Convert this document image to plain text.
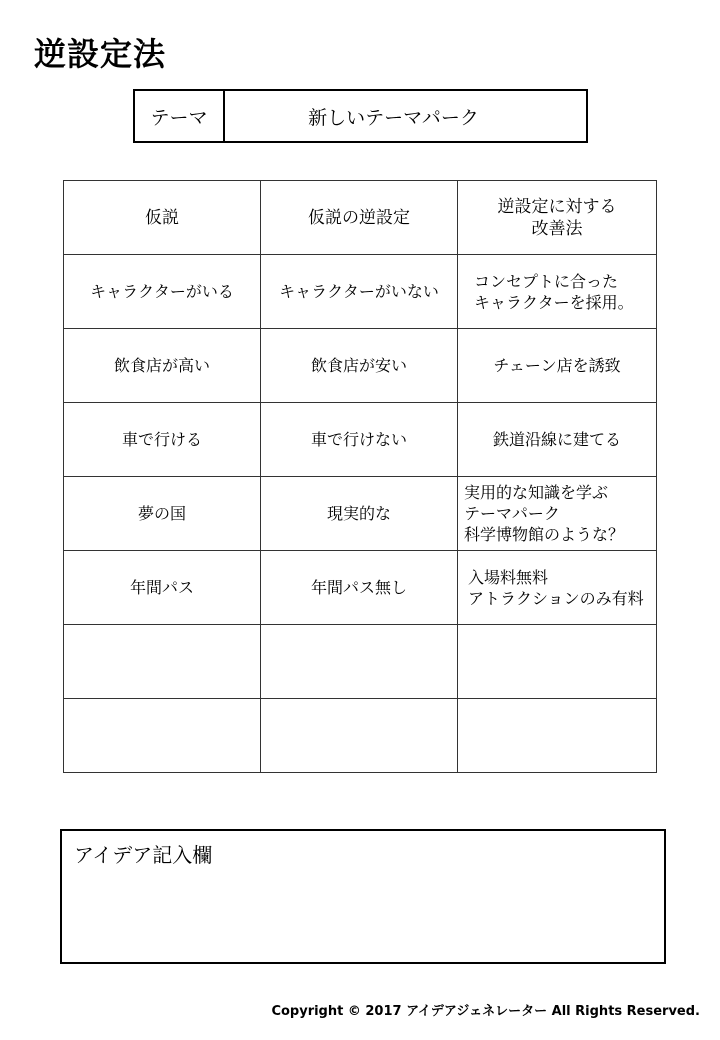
逆設定法
テーマ	新しいテーマパーク
仮説	仮説の逆設定	逆設定に対する
改善法

キャラクターがいる	キャラクターがいない	コンセプトに合った
キャラクターを採用。

飲食店が高い	飲食店が安い	チェーン店を誘致

車で行ける	車で行けない	鉄道沿線に建てる

夢の国	現実的な	実用的な知識を学ぶ
テーマパーク
科学博物館のような？

年間パス	年間パス無し	入場料無料
アトラクションのみ有料

アイデア記入欄
Copyright © 2017 アイデアジェネレーター All Rights Reserved.
